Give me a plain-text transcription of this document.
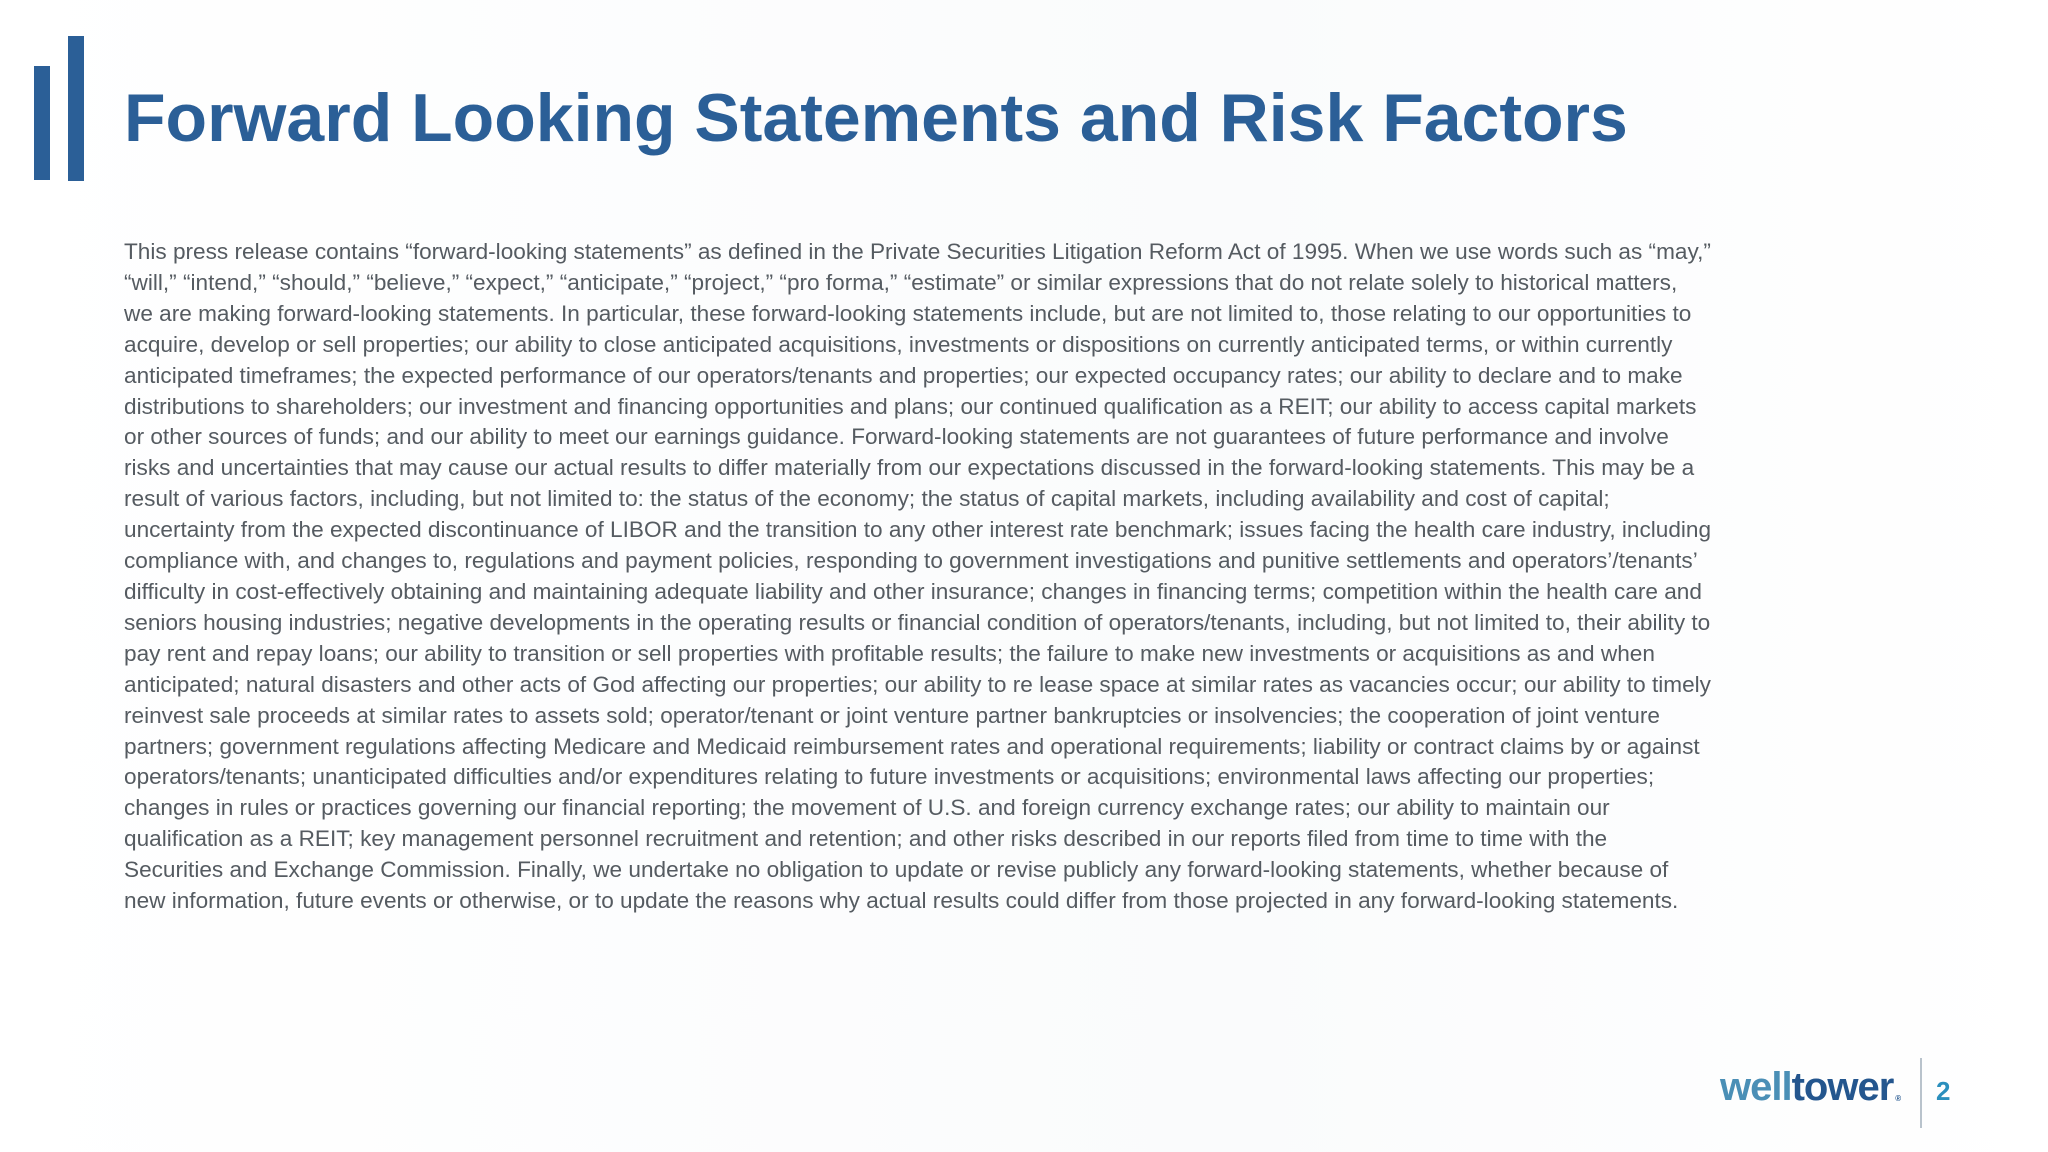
Forward Looking Statements and Risk Factors
This press release contains “forward-looking statements” as defined in the Private Securities Litigation Reform Act of 1995. When we use words such as “may,”
“will,” “intend,” “should,” “believe,” “expect,” “anticipate,” “project,” “pro forma,” “estimate” or similar expressions that do not relate solely to historical matters,
we are making forward-looking statements. In particular, these forward-looking statements include, but are not limited to, those relating to our opportunities to
acquire, develop or sell properties; our ability to close anticipated acquisitions, investments or dispositions on currently anticipated terms, or within currently
anticipated timeframes; the expected performance of our operators/tenants and properties; our expected occupancy rates; our ability to declare and to make
distributions to shareholders; our investment and financing opportunities and plans; our continued qualification as a REIT; our ability to access capital markets
or other sources of funds; and our ability to meet our earnings guidance. Forward-looking statements are not guarantees of future performance and involve
risks and uncertainties that may cause our actual results to differ materially from our expectations discussed in the forward-looking statements. This may be a
result of various factors, including, but not limited to: the status of the economy; the status of capital markets, including availability and cost of capital;
uncertainty from the expected discontinuance of LIBOR and the transition to any other interest rate benchmark; issues facing the health care industry, including
compliance with, and changes to, regulations and payment policies, responding to government investigations and punitive settlements and operators’/tenants’
difficulty in cost-effectively obtaining and maintaining adequate liability and other insurance; changes in financing terms; competition within the health care and
seniors housing industries; negative developments in the operating results or financial condition of operators/tenants, including, but not limited to, their ability to
pay rent and repay loans; our ability to transition or sell properties with profitable results; the failure to make new investments or acquisitions as and when
anticipated; natural disasters and other acts of God affecting our properties; our ability to re lease space at similar rates as vacancies occur; our ability to timely
reinvest sale proceeds at similar rates to assets sold; operator/tenant or joint venture partner bankruptcies or insolvencies; the cooperation of joint venture
partners; government regulations affecting Medicare and Medicaid reimbursement rates and operational requirements; liability or contract claims by or against
operators/tenants; unanticipated difficulties and/or expenditures relating to future investments or acquisitions; environmental laws affecting our properties;
changes in rules or practices governing our financial reporting; the movement of U.S. and foreign currency exchange rates; our ability to maintain our
qualification as a REIT; key management personnel recruitment and retention; and other risks described in our reports filed from time to time with the
Securities and Exchange Commission. Finally, we undertake no obligation to update or revise publicly any forward-looking statements, whether because of
new information, future events or otherwise, or to update the reasons why actual results could differ from those projected in any forward-looking statements.
well tower ® 2
